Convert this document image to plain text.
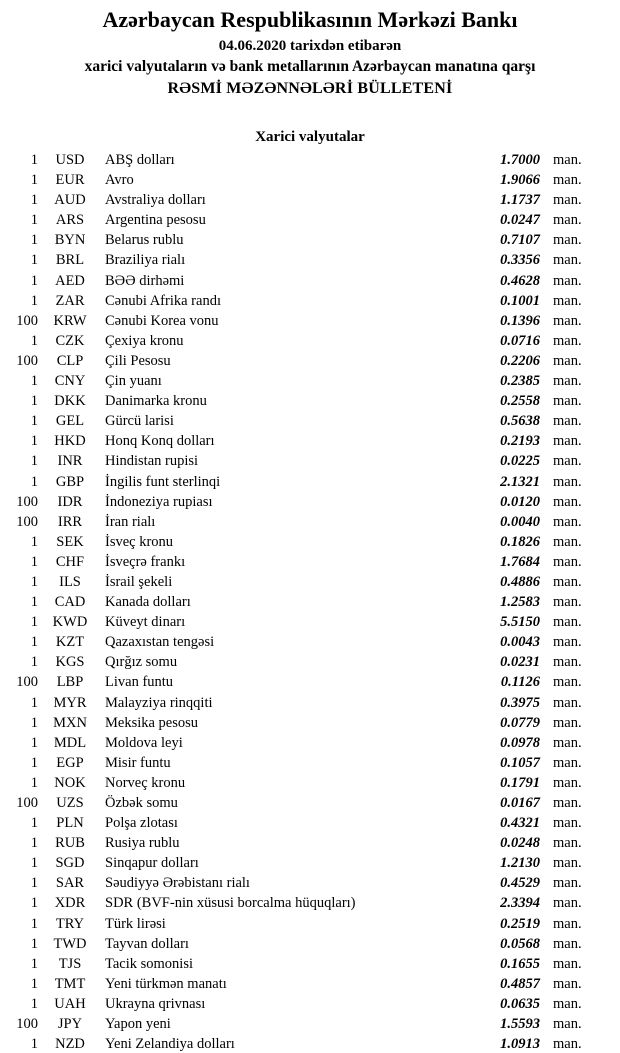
Azərbaycan Respublikasının Mərkəzi Bankı
04.06.2020 tarixdən etibarən
xarici valyutaların və bank metallarının Azərbaycan manatına qarşı
RƏSMİ MƏZƏNNƏLƏRİ BÜLLETENİ
Xarici valyutalar
1	USD	ABŞ dolları	1.7000 man.
1	EUR	Avro	1.9066 man.
1	AUD	Avstraliya dolları	1.1737 man.
1	ARS	Argentina pesosu	0.0247 man.
1	BYN	Belarus rublu	0.7107 man.
1	BRL	Braziliya rialı	0.3356 man.
1	AED	BƏƏ dirhəmi	0.4628 man.
1	ZAR	Cənubi Afrika randı	0.1001 man.
100	KRW	Cənubi Korea vonu	0.1396 man.
1	CZK	Çexiya kronu	0.0716 man.
100	CLP	Çili Pesosu	0.2206 man.
1	CNY	Çin yuanı	0.2385 man.
1	DKK	Danimarka kronu	0.2558 man.
1	GEL	Gürcü larisi	0.5638 man.
1	HKD	Honq Konq dolları	0.2193 man.
1	INR	Hindistan rupisi	0.0225 man.
1	GBP	İngilis funt sterlinqi	2.1321 man.
100	IDR	İndoneziya rupiası	0.0120 man.
100	IRR	İran rialı	0.0040 man.
1	SEK	İsveç kronu	0.1826 man.
1	CHF	İsveçrə frankı	1.7684 man.
1	ILS	İsrail şekeli	0.4886 man.
1	CAD	Kanada dolları	1.2583 man.
1	KWD	Küveyt dinarı	5.5150 man.
1	KZT	Qazaxıstan tengəsi	0.0043 man.
1	KGS	Qırğız somu	0.0231 man.
100	LBP	Livan funtu	0.1126 man.
1	MYR	Malayziya rinqqiti	0.3975 man.
1	MXN	Meksika pesosu	0.0779 man.
1	MDL	Moldova leyi	0.0978 man.
1	EGP	Misir funtu	0.1057 man.
1	NOK	Norveç kronu	0.1791 man.
100	UZS	Özbək somu	0.0167 man.
1	PLN	Polşa zlotası	0.4321 man.
1	RUB	Rusiya rublu	0.0248 man.
1	SGD	Sinqapur dolları	1.2130 man.
1	SAR	Səudiyyə Ərəbistanı rialı	0.4529 man.
1	XDR	SDR (BVF-nin xüsusi borcalma hüquqları)	2.3394 man.
1	TRY	Türk lirəsi	0.2519 man.
1	TWD	Tayvan dolları	0.0568 man.
1	TJS	Tacik somonisi	0.1655 man.
1	TMT	Yeni türkmən manatı	0.4857 man.
1	UAH	Ukrayna qrivnası	0.0635 man.
100	JPY	Yapon yeni	1.5593 man.
1	NZD	Yeni Zelandiya dolları	1.0913 man.
